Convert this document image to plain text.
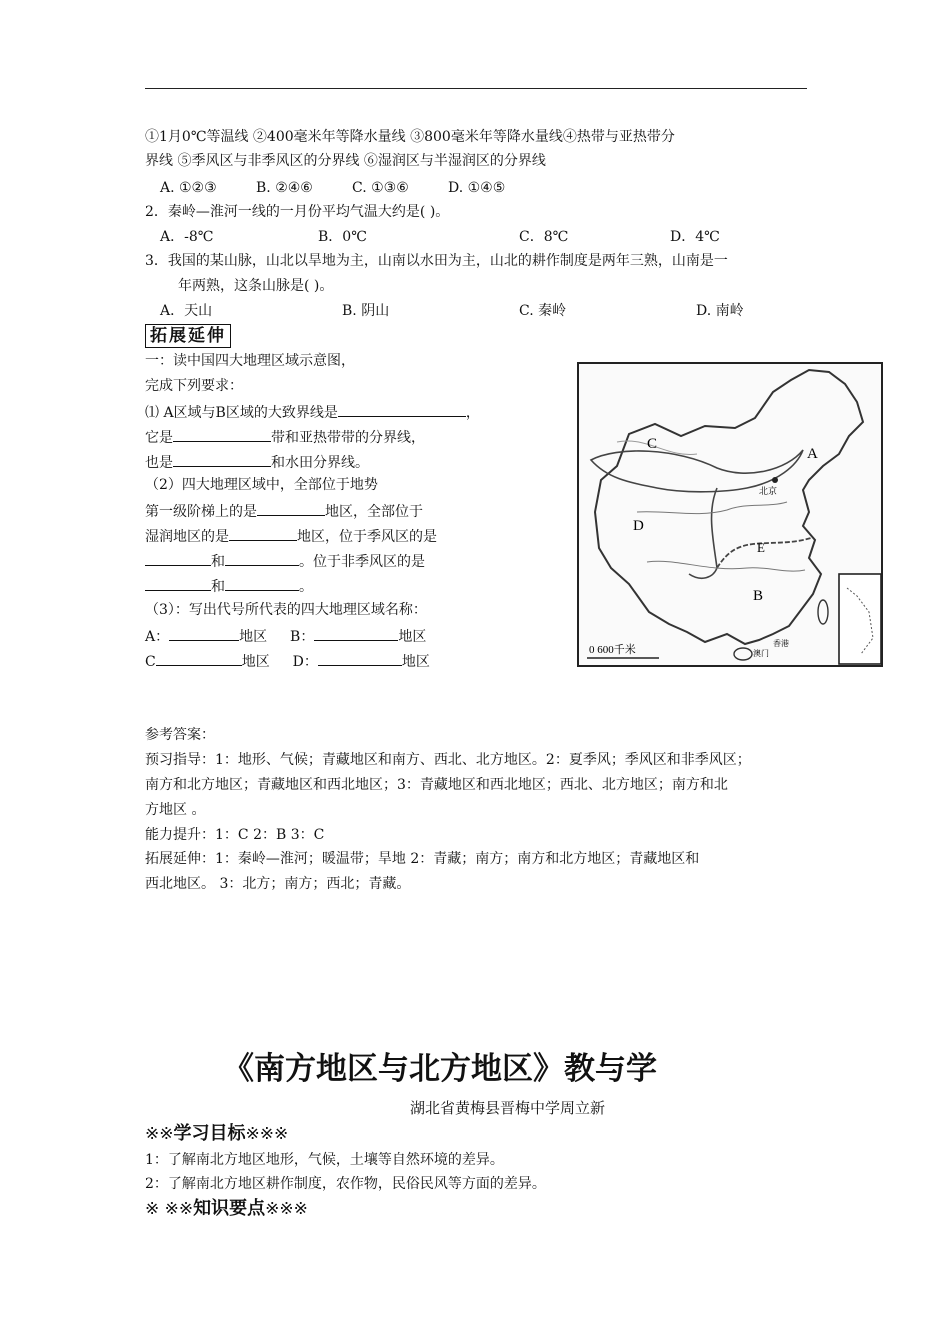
①1月0℃等温线 ②400毫米年等降水量线 ③800毫米年等降水量线④热带与亚热带分
界线 ⑤季风区与非季风区的分界线 ⑥湿润区与半湿润区的分界线
A. ①②③	B. ②④⑥	C. ①③⑥	D. ①④⑤
2．秦岭—淮河一线的一月份平均气温大约是( )。
A．-8℃	B．0℃	C．8℃	D．4℃
3．我国的某山脉，山北以旱地为主，山南以水田为主，山北的耕作制度是两年三熟，山南是一
年两熟，这条山脉是( )。
A．天山	B. 阴山	C. 秦岭	D. 南岭
拓展延伸
一：读中国四大地理区域示意图，
完成下列要求：
⑴ A区域与B区域的大致界线是	，
它是	带和亚热带带的分界线，
也是	和水田分界线。
（2）四大地理区域中，全部位于地势
第一级阶梯上的是	地区，全部位于
湿润地区的是	地区，位于季风区的是
和	。位于非季风区的是
和	。
（3）：写出代号所代表的四大地理区域名称：
A：	地区 B：	地区
C	地区 D：	地区
0 600千米
北京
香港
澳门
A
B
C
D
E
参考答案：
预习指导：1：地形、气候；青藏地区和南方、西北、北方地区。2：夏季风；季风区和非季风区；
南方和北方地区；青藏地区和西北地区；3：青藏地区和西北地区；西北、北方地区；南方和北
方地区 。
能力提升：1：C 2：B 3：C
拓展延伸：1：秦岭—淮河；暖温带；旱地 2：青藏；南方；南方和北方地区；青藏地区和
西北地区。 3：北方；南方；西北；青藏。
《南方地区与北方地区》教与学
湖北省黄梅县晋梅中学周立新
※※学习目标※※※
1：了解南北方地区地形，气候，土壤等自然环境的差异。
2：了解南北方地区耕作制度，农作物，民俗民风等方面的差异。
※ ※※知识要点※※※
